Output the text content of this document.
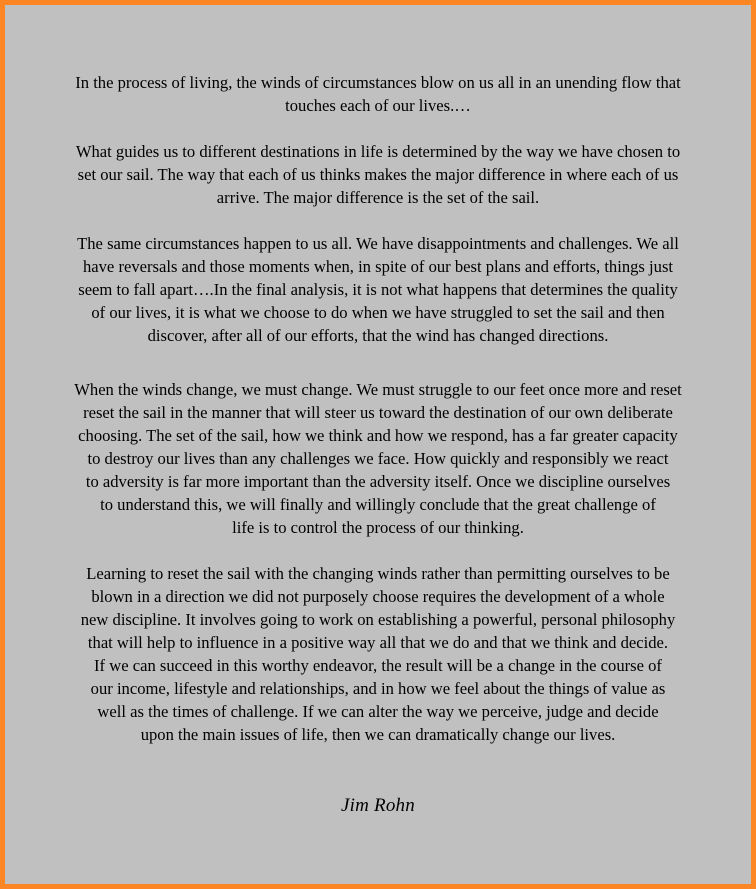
In the process of living, the winds of circumstances blow on us all in an unending flow that
touches each of our lives.…

What guides us to different destinations in life is determined by the way we have chosen to
set our sail. The way that each of us thinks makes the major difference in where each of us
arrive. The major difference is the set of the sail.

The same circumstances happen to us all. We have disappointments and challenges. We all
have reversals and those moments when, in spite of our best plans and efforts, things just
seem to fall apart….In the final analysis, it is not what happens that determines the quality
of our lives, it is what we choose to do when we have struggled to set the sail and then
discover, after all of our efforts, that the wind has changed directions.

When the winds change, we must change. We must struggle to our feet once more and reset
reset the sail in the manner that will steer us toward the destination of our own deliberate
choosing. The set of the sail, how we think and how we respond, has a far greater capacity
to destroy our lives than any challenges we face. How quickly and responsibly we react
to adversity is far more important than the adversity itself. Once we discipline ourselves
to understand this, we will finally and willingly conclude that the great challenge of
life is to control the process of our thinking.

Learning to reset the sail with the changing winds rather than permitting ourselves to be
blown in a direction we did not purposely choose requires the development of a whole
new discipline. It involves going to work on establishing a powerful, personal philosophy
that will help to influence in a positive way all that we do and that we think and decide.
If we can succeed in this worthy endeavor, the result will be a change in the course of
our income, lifestyle and relationships, and in how we feel about the things of value as
well as the times of challenge. If we can alter the way we perceive, judge and decide
upon the main issues of life, then we can dramatically change our lives.

Jim Rohn
